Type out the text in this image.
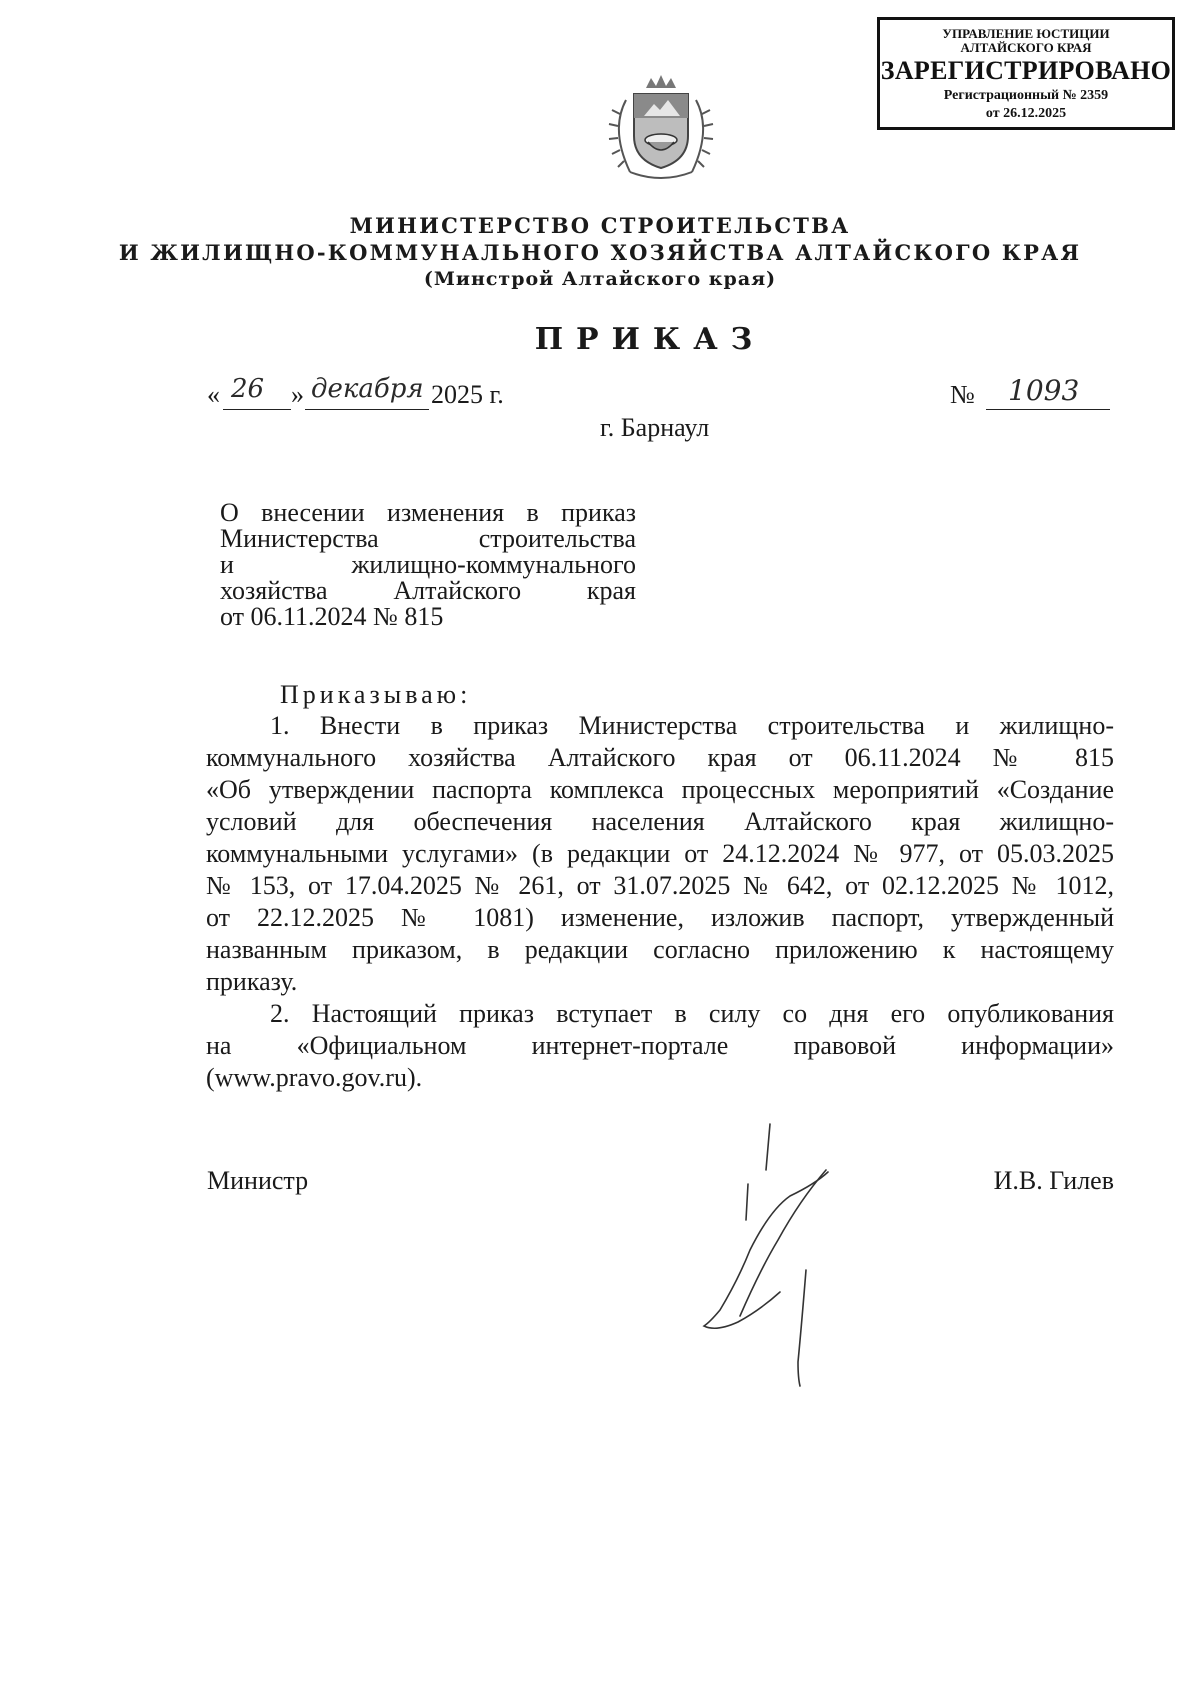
УПРАВЛЕНИЕ ЮСТИЦИИ
АЛТАЙСКОГО КРАЯ
ЗАРЕГИСТРИРОВАНО
Регистрационный № 2359
от 26.12.2025
МИНИСТЕРСТВО СТРОИТЕЛЬСТВА
И ЖИЛИЩНО-КОММУНАЛЬНОГО ХОЗЯЙСТВА АЛТАЙСКОГО КРАЯ
(Минстрой Алтайского края)
ПРИКАЗ
« 26 » декабря 2025 г.	№ 1093
г. Барнаул
О внесении изменения в приказ
Министерства строительства
и жилищно-коммунального
хозяйства Алтайского края
от 06.11.2024 № 815
Приказываю:
1. Внести в приказ Министерства строительства и жилищно-
коммунального хозяйства Алтайского края от 06.11.2024 № 815
«Об утверждении паспорта комплекса процессных мероприятий «Создание
условий для обеспечения населения Алтайского края жилищно-
коммунальными услугами» (в редакции от 24.12.2024 № 977, от 05.03.2025
№ 153, от 17.04.2025 № 261, от 31.07.2025 № 642, от 02.12.2025 № 1012,
от 22.12.2025 № 1081) изменение, изложив паспорт, утвержденный
названным приказом, в редакции согласно приложению к настоящему
приказу.
2. Настоящий приказ вступает в силу со дня его опубликования
на «Официальном интернет-портале правовой информации»
(www.pravo.gov.ru).
Министр	И.В. Гилев
